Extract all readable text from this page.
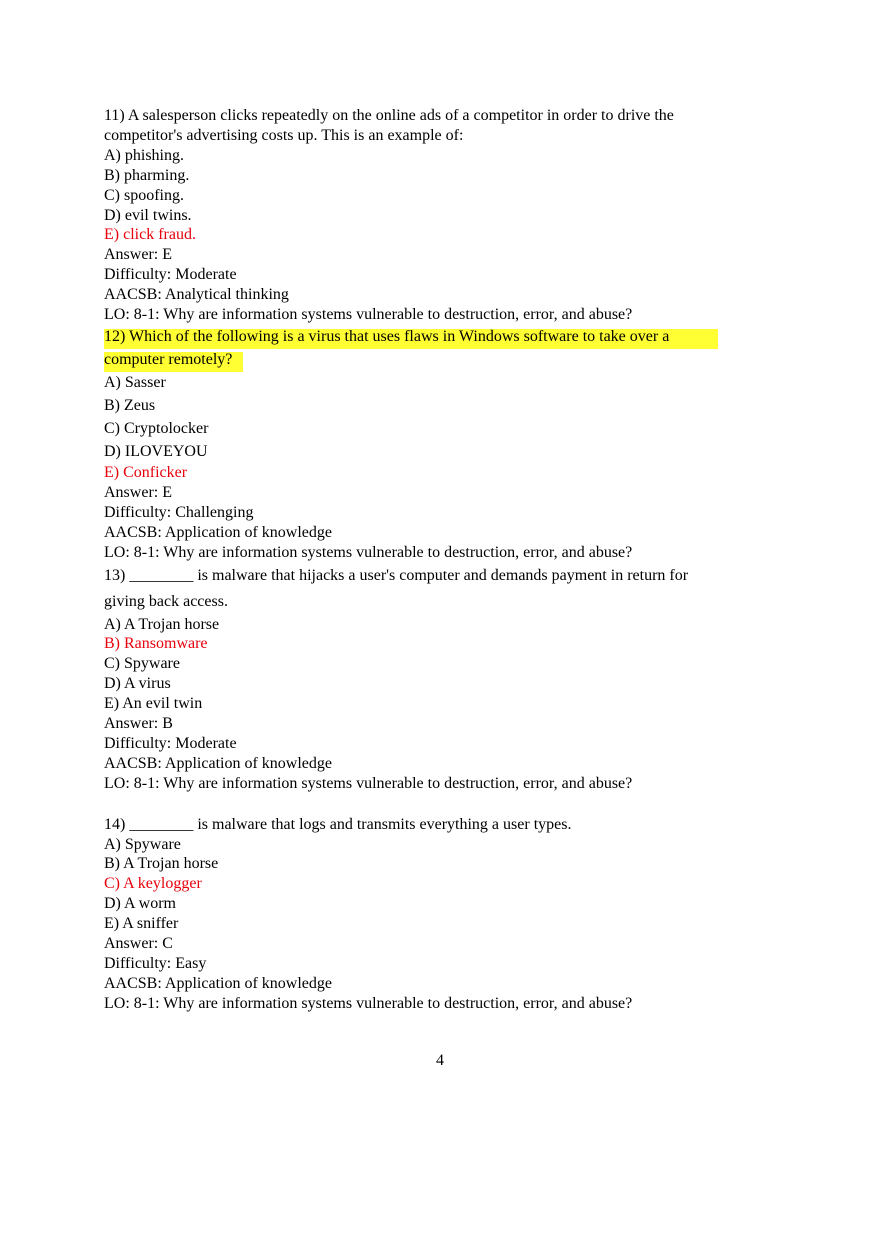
11) A salesperson clicks repeatedly on the online ads of a competitor in order to drive the
competitor's advertising costs up. This is an example of:
A) phishing.
B) pharming.
C) spoofing.
D) evil twins.
E) click fraud.
Answer: E
Difficulty: Moderate
AACSB: Analytical thinking
LO: 8-1: Why are information systems vulnerable to destruction, error, and abuse?
12) Which of the following is a virus that uses flaws in Windows software to take over a
computer remotely?
A) Sasser
B) Zeus
C) Cryptolocker
D) ILOVEYOU
E) Conficker
Answer: E
Difficulty: Challenging
AACSB: Application of knowledge
LO: 8-1: Why are information systems vulnerable to destruction, error, and abuse?
13) ________ is malware that hijacks a user's computer and demands payment in return for
giving back access.
A) A Trojan horse
B) Ransomware
C) Spyware
D) A virus
E) An evil twin
Answer: B
Difficulty: Moderate
AACSB: Application of knowledge
LO: 8-1: Why are information systems vulnerable to destruction, error, and abuse?
14) ________ is malware that logs and transmits everything a user types.
A) Spyware
B) A Trojan horse
C) A keylogger
D) A worm
E) A sniffer
Answer: C
Difficulty: Easy
AACSB: Application of knowledge
LO: 8-1: Why are information systems vulnerable to destruction, error, and abuse?
4
